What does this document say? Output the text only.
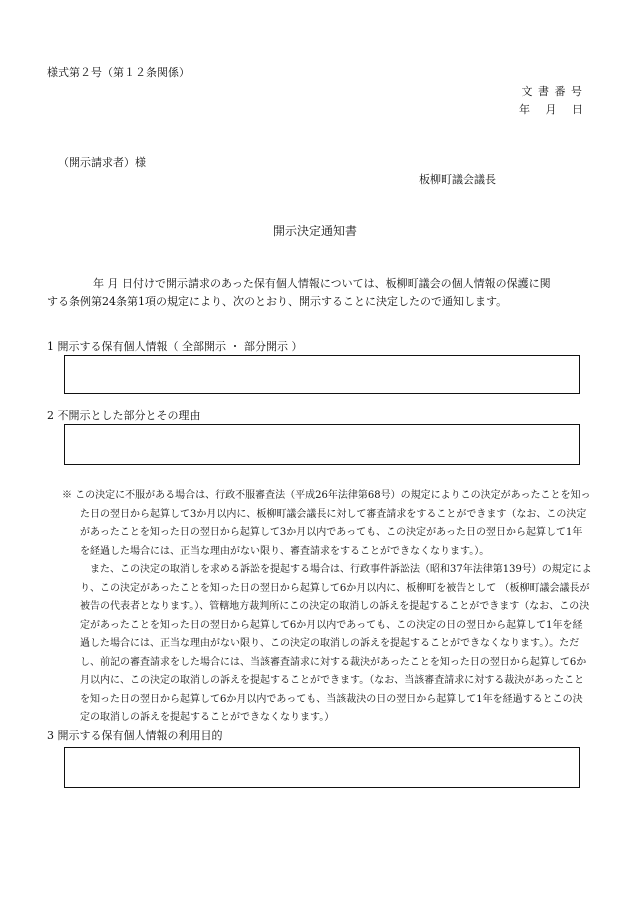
様式第２号（第１２条関係）
文 書 番 号
年 月 日
（開示請求者）様
板柳町議会議長
開示決定通知書

年 月 日付けで開示請求のあった保有個人情報については、板柳町議会の個人情報の保護に関

する条例第24条第1項の規定により、次のとおり、開示することに決定したので通知します。

1 開示する保有個人情報（ 全部開示 ・ 部分開示 ）
2 不開示とした部分とその理由

※ この決定に不服がある場合は、行政不服審査法（平成26年法律第68号）の規定によりこの決定があったことを知った日の翌日から起算して3か月以内に、板柳町議会議長に対して審査請求をすることができます（なお、この決定があったことを知った日の翌日から起算して3か月以内であっても、この決定があった日の翌日から起算して1年を経過した場合には、正当な理由がない限り、審査請求をすることができなくなります。）。

また、この決定の取消しを求める訴訟を提起する場合は、行政事件訴訟法（昭和37年法律第139号）の規定により、この決定があったことを知った日の翌日から起算して6か月以内に、板柳町を被告として （板柳町議会議長が被告の代表者となります。）、管轄地方裁判所にこの決定の取消しの訴えを提起することができます（なお、この決定があったことを知った日の翌日から起算して6か月以内であっても、この決定の日の翌日から起算して1年を経過した場合には、正当な理由がない限り、この決定の取消しの訴えを提起することができなくなります。）。ただし、前記の審査請求をした場合には、当該審査請求に対する裁決があったことを知った日の翌日から起算して6か月以内に、この決定の取消しの訴えを提起することができます。（なお、当該審査請求に対する裁決があったことを知った日の翌日から起算して6か月以内であっても、当該裁決の日の翌日から起算して1年を経過するとこの決定の取消しの訴えを提起することができなくなります。）

3 開示する保有個人情報の利用目的
